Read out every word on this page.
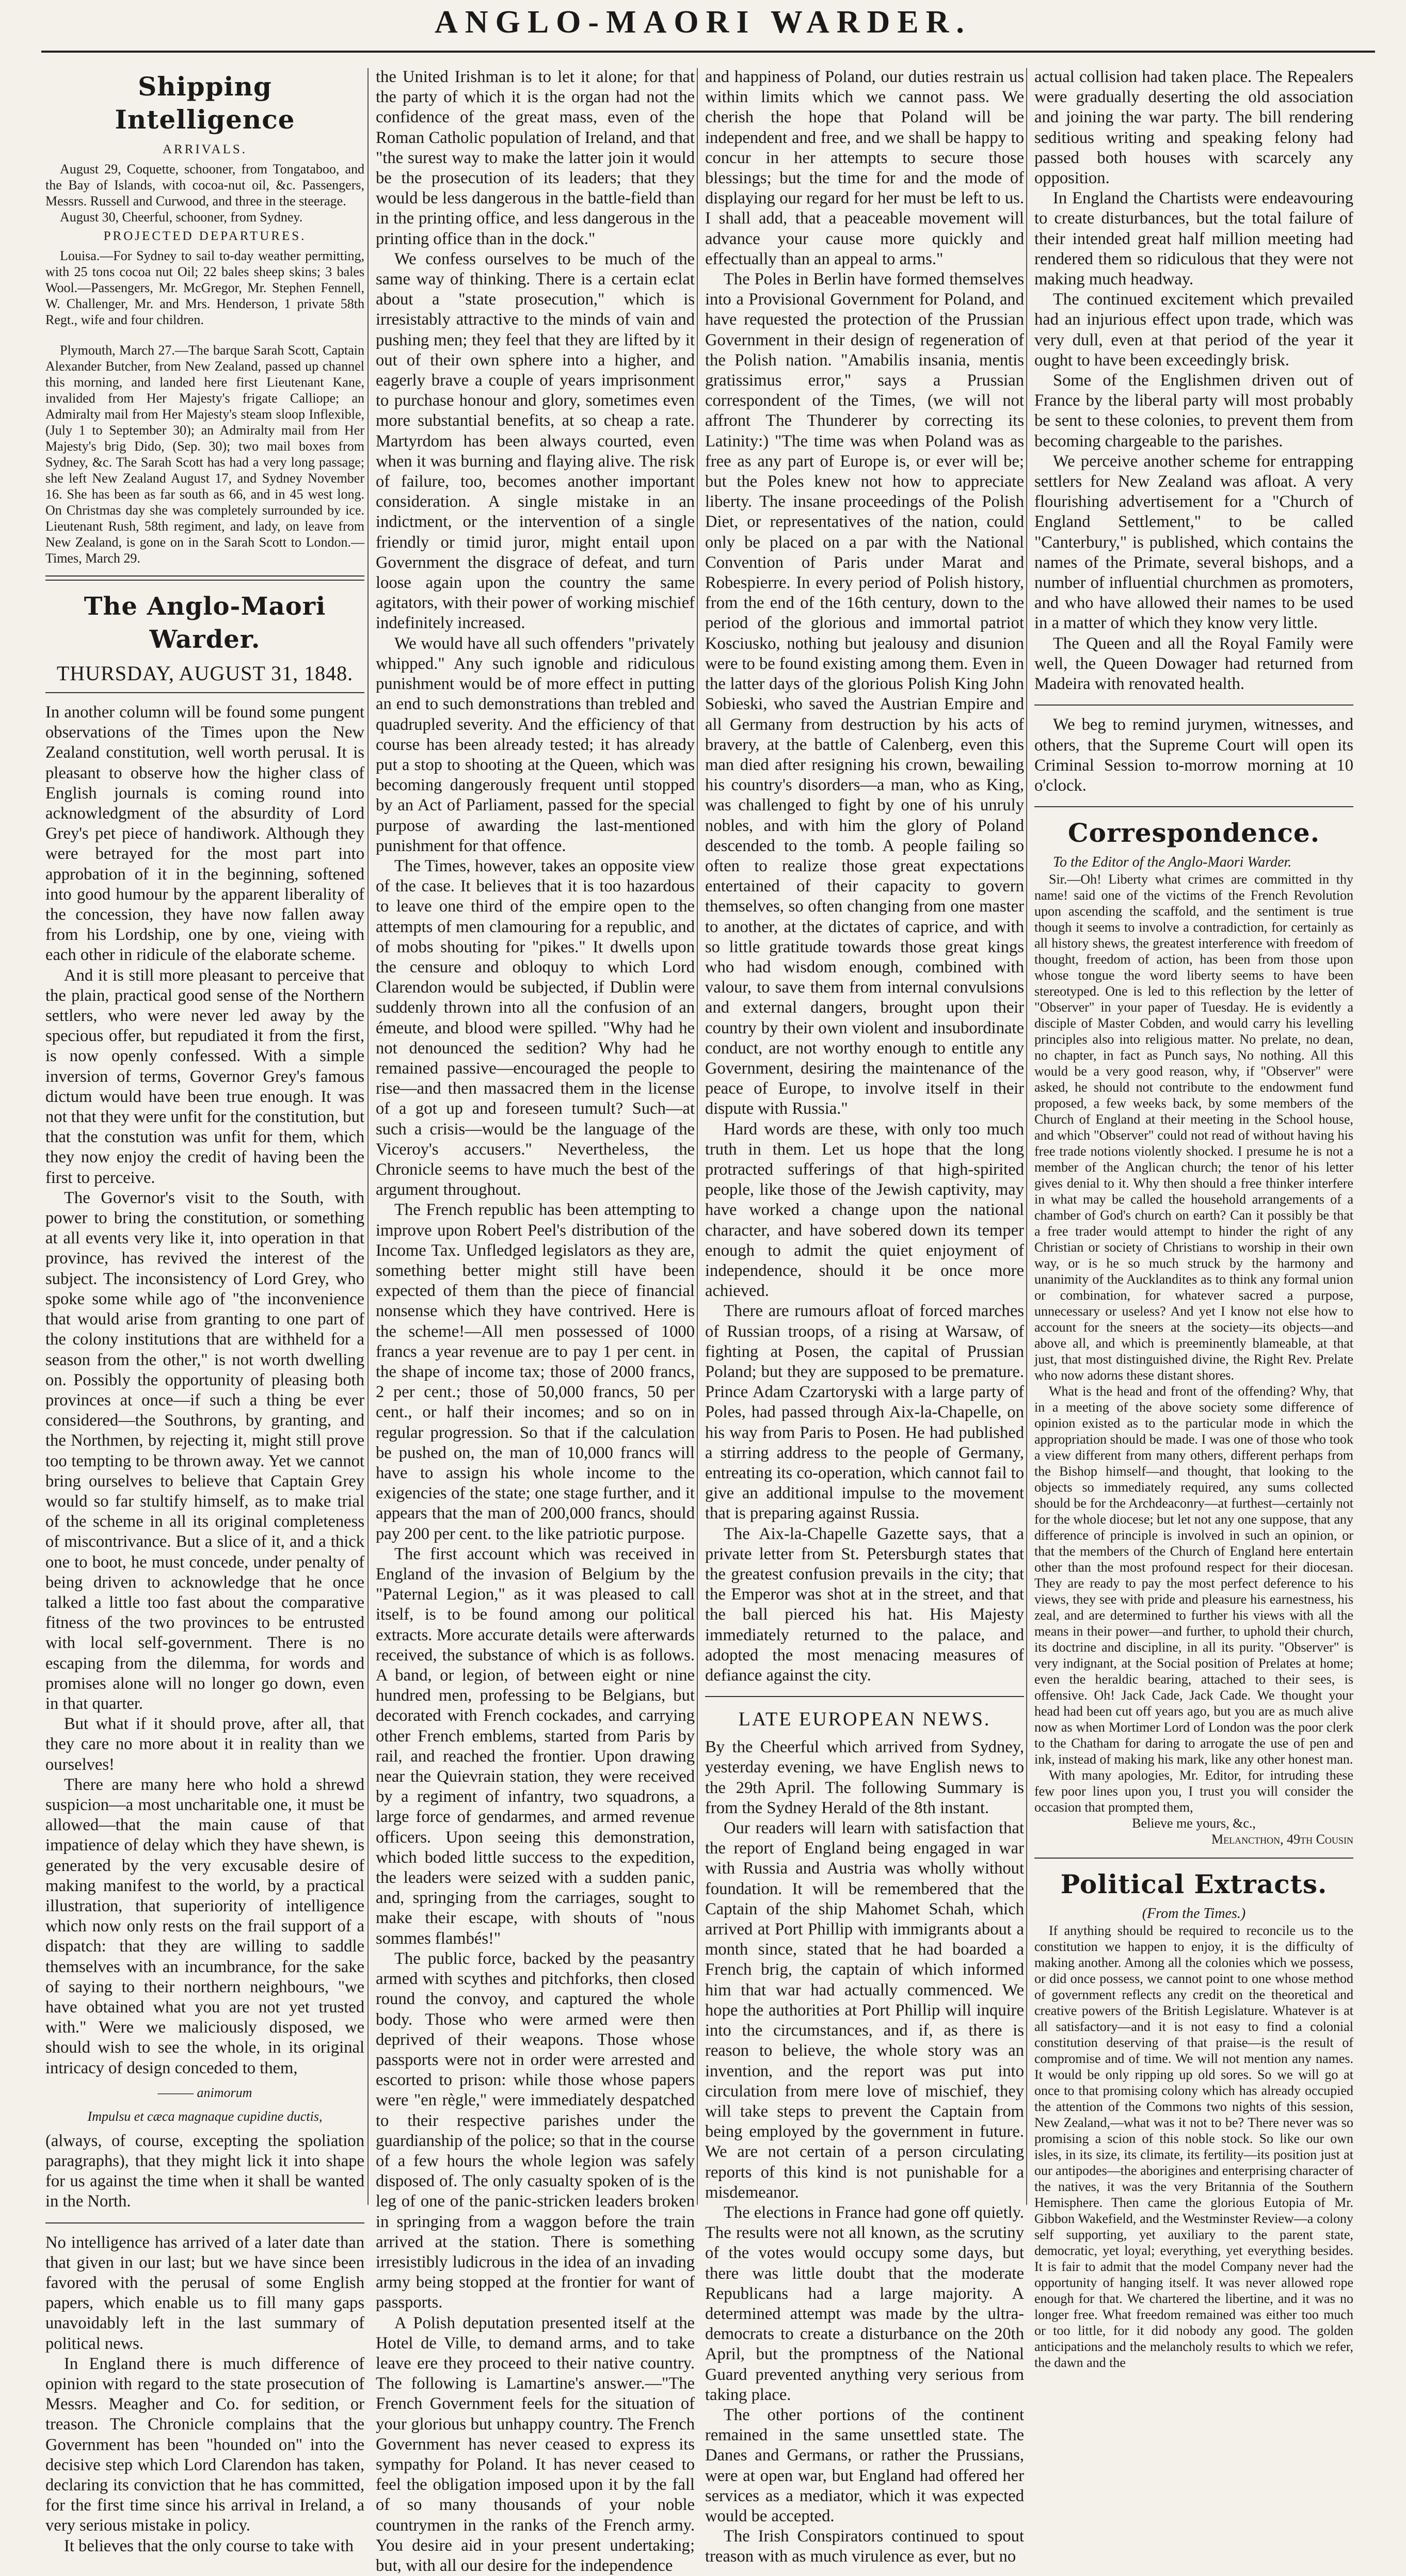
ANGLO-MAORI WARDER.
Shipping Intelligence
ARRIVALS.

August 29, Coquette, schooner, from Tongataboo, and the Bay of Islands, with cocoa-nut oil, &c. Passengers, Messrs. Russell and Curwood, and three in the steerage.

August 30, Cheerful, schooner, from Sydney.

PROJECTED DEPARTURES.

Louisa.—For Sydney to sail to-day weather permitting, with 25 tons cocoa nut Oil; 22 bales sheep skins; 3 bales Wool.—Passengers, Mr. McGregor, Mr. Stephen Fennell, W. Challenger, Mr. and Mrs. Henderson, 1 private 58th Regt., wife and four children.

Plymouth, March 27.—The barque Sarah Scott, Captain Alexander Butcher, from New Zealand, passed up channel this morning, and landed here first Lieutenant Kane, invalided from Her Majesty's frigate Calliope; an Admiralty mail from Her Majesty's steam sloop Inflexible, (July 1 to September 30); an Admiralty mail from Her Majesty's brig Dido, (Sep. 30); two mail boxes from Sydney, &c. The Sarah Scott has had a very long passage; she left New Zealand August 17, and Sydney November 16. She has been as far south as 66, and in 45 west long. On Christmas day she was completely surrounded by ice. Lieutenant Rush, 58th regiment, and lady, on leave from New Zealand, is gone on in the Sarah Scott to London.—Times, March 29.

The Anglo-Maori Warder.
THURSDAY, AUGUST 31, 1848.

In another column will be found some pungent observations of the Times upon the New Zealand constitution, well worth perusal. It is pleasant to observe how the higher class of English journals is coming round into acknowledgment of the absurdity of Lord Grey's pet piece of handiwork. Although they were betrayed for the most part into approbation of it in the beginning, softened into good humour by the apparent liberality of the concession, they have now fallen away from his Lordship, one by one, vieing with each other in ridicule of the elaborate scheme.

And it is still more pleasant to perceive that the plain, practical good sense of the Northern settlers, who were never led away by the specious offer, but repudiated it from the first, is now openly confessed. With a simple inversion of terms, Governor Grey's famous dictum would have been true enough. It was not that they were unfit for the constitution, but that the constution was unfit for them, which they now enjoy the credit of having been the first to perceive.

The Governor's visit to the South, with power to bring the constitution, or something at all events very like it, into operation in that province, has revived the interest of the subject. The inconsistency of Lord Grey, who spoke some while ago of "the inconvenience that would arise from granting to one part of the colony institutions that are withheld for a season from the other," is not worth dwelling on. Possibly the opportunity of pleasing both provinces at once—if such a thing be ever considered—the Southrons, by granting, and the Northmen, by rejecting it, might still prove too tempting to be thrown away. Yet we cannot bring ourselves to believe that Captain Grey would so far stultify himself, as to make trial of the scheme in all its original completeness of miscontrivance. But a slice of it, and a thick one to boot, he must concede, under penalty of being driven to acknowledge that he once talked a little too fast about the comparative fitness of the two provinces to be entrusted with local self-government. There is no escaping from the dilemma, for words and promises alone will no longer go down, even in that quarter.

But what if it should prove, after all, that they care no more about it in reality than we ourselves!

There are many here who hold a shrewd suspicion—a most uncharitable one, it must be allowed—that the main cause of that impatience of delay which they have shewn, is generated by the very excusable desire of making manifest to the world, by a practical illustration, that superiority of intelligence which now only rests on the frail support of a dispatch: that they are willing to saddle themselves with an incumbrance, for the sake of saying to their northern neighbours, "we have obtained what you are not yet trusted with." Were we maliciously disposed, we should wish to see the whole, in its original intricacy of design conceded to them,

——— animorum
Impulsu et cæca magnaque cupidine ductis,

(always, of course, excepting the spoliation paragraphs), that they might lick it into shape for us against the time when it shall be wanted in the North.

No intelligence has arrived of a later date than that given in our last; but we have since been favored with the perusal of some English papers, which enable us to fill many gaps unavoidably left in the last summary of political news.

In England there is much difference of opinion with regard to the state prosecution of Messrs. Meagher and Co. for sedition, or treason. The Chronicle complains that the Government has been "hounded on" into the decisive step which Lord Clarendon has taken, declaring its conviction that he has committed, for the first time since his arrival in Ireland, a very serious mistake in policy.

It believes that the only course to take with

the United Irishman is to let it alone; for that the party of which it is the organ had not the confidence of the great mass, even of the Roman Catholic population of Ireland, and that "the surest way to make the latter join it would be the prosecution of its leaders; that they would be less dangerous in the battle-field than in the printing office, and less dangerous in the printing office than in the dock."

We confess ourselves to be much of the same way of thinking. There is a certain eclat about a "state prosecution," which is irresistably attractive to the minds of vain and pushing men; they feel that they are lifted by it out of their own sphere into a higher, and eagerly brave a couple of years imprisonment to purchase honour and glory, sometimes even more substantial benefits, at so cheap a rate. Martyrdom has been always courted, even when it was burning and flaying alive. The risk of failure, too, becomes another important consideration. A single mistake in an indictment, or the intervention of a single friendly or timid juror, might entail upon Government the disgrace of defeat, and turn loose again upon the country the same agitators, with their power of working mischief indefinitely increased.

We would have all such offenders "privately whipped." Any such ignoble and ridiculous punishment would be of more effect in putting an end to such demonstrations than trebled and quadrupled severity. And the efficiency of that course has been already tested; it has already put a stop to shooting at the Queen, which was becoming dangerously frequent until stopped by an Act of Parliament, passed for the special purpose of awarding the last-mentioned punishment for that offence.

The Times, however, takes an opposite view of the case. It believes that it is too hazardous to leave one third of the empire open to the attempts of men clamouring for a republic, and of mobs shouting for "pikes." It dwells upon the censure and obloquy to which Lord Clarendon would be subjected, if Dublin were suddenly thrown into all the confusion of an émeute, and blood were spilled. "Why had he not denounced the sedition? Why had he remained passive—encouraged the people to rise—and then massacred them in the license of a got up and foreseen tumult? Such—at such a crisis—would be the language of the Viceroy's accusers." Nevertheless, the Chronicle seems to have much the best of the argument throughout.

The French republic has been attempting to improve upon Robert Peel's distribution of the Income Tax. Unfledged legislators as they are, something better might still have been expected of them than the piece of financial nonsense which they have contrived. Here is the scheme!—All men possessed of 1000 francs a year revenue are to pay 1 per cent. in the shape of income tax; those of 2000 francs, 2 per cent.; those of 50,000 francs, 50 per cent., or half their incomes; and so on in regular progression. So that if the calculation be pushed on, the man of 10,000 francs will have to assign his whole income to the exigencies of the state; one stage further, and it appears that the man of 200,000 francs, should pay 200 per cent. to the like patriotic purpose.

The first account which was received in England of the invasion of Belgium by the "Paternal Legion," as it was pleased to call itself, is to be found among our political extracts. More accurate details were afterwards received, the substance of which is as follows. A band, or legion, of between eight or nine hundred men, professing to be Belgians, but decorated with French cockades, and carrying other French emblems, started from Paris by rail, and reached the frontier. Upon drawing near the Quievrain station, they were received by a regiment of infantry, two squadrons, a large force of gendarmes, and armed revenue officers. Upon seeing this demonstration, which boded little success to the expedition, the leaders were seized with a sudden panic, and, springing from the carriages, sought to make their escape, with shouts of "nous sommes flambés!"

The public force, backed by the peasantry armed with scythes and pitchforks, then closed round the convoy, and captured the whole body. Those who were armed were then deprived of their weapons. Those whose passports were not in order were arrested and escorted to prison: while those whose papers were "en règle," were immediately despatched to their respective parishes under the guardianship of the police; so that in the course of a few hours the whole legion was safely disposed of. The only casualty spoken of is the leg of one of the panic-stricken leaders broken in springing from a waggon before the train arrived at the station. There is something irresistibly ludicrous in the idea of an invading army being stopped at the frontier for want of passports.

A Polish deputation presented itself at the Hotel de Ville, to demand arms, and to take leave ere they proceed to their native country. The following is Lamartine's answer.—"The French Government feels for the situation of your glorious but unhappy country. The French Government has never ceased to express its sympathy for Poland. It has never ceased to feel the obligation imposed upon it by the fall of so many thousands of your noble countrymen in the ranks of the French army. You desire aid in your present undertaking; but, with all our desire for the independence

and happiness of Poland, our duties restrain us within limits which we cannot pass. We cherish the hope that Poland will be independent and free, and we shall be happy to concur in her attempts to secure those blessings; but the time for and the mode of displaying our regard for her must be left to us. I shall add, that a peaceable movement will advance your cause more quickly and effectually than an appeal to arms."

The Poles in Berlin have formed themselves into a Provisional Government for Poland, and have requested the protection of the Prussian Government in their design of regeneration of the Polish nation. "Amabilis insania, mentis gratissimus error," says a Prussian correspondent of the Times, (we will not affront The Thunderer by correcting its Latinity:) "The time was when Poland was as free as any part of Europe is, or ever will be; but the Poles knew not how to appreciate liberty. The insane proceedings of the Polish Diet, or representatives of the nation, could only be placed on a par with the National Convention of Paris under Marat and Robespierre. In every period of Polish history, from the end of the 16th century, down to the period of the glorious and immortal patriot Kosciusko, nothing but jealousy and disunion were to be found existing among them. Even in the latter days of the glorious Polish King John Sobieski, who saved the Austrian Empire and all Germany from destruction by his acts of bravery, at the battle of Calenberg, even this man died after resigning his crown, bewailing his country's disorders—a man, who as King, was challenged to fight by one of his unruly nobles, and with him the glory of Poland descended to the tomb. A people failing so often to realize those great expectations entertained of their capacity to govern themselves, so often changing from one master to another, at the dictates of caprice, and with so little gratitude towards those great kings who had wisdom enough, combined with valour, to save them from internal convulsions and external dangers, brought upon their country by their own violent and insubordinate conduct, are not worthy enough to entitle any Government, desiring the maintenance of the peace of Europe, to involve itself in their dispute with Russia."

Hard words are these, with only too much truth in them. Let us hope that the long protracted sufferings of that high-spirited people, like those of the Jewish captivity, may have worked a change upon the national character, and have sobered down its temper enough to admit the quiet enjoyment of independence, should it be once more achieved.

There are rumours afloat of forced marches of Russian troops, of a rising at Warsaw, of fighting at Posen, the capital of Prussian Poland; but they are supposed to be premature. Prince Adam Czartoryski with a large party of Poles, had passed through Aix-la-Chapelle, on his way from Paris to Posen. He had published a stirring address to the people of Germany, entreating its co-operation, which cannot fail to give an additional impulse to the movement that is preparing against Russia.

The Aix-la-Chapelle Gazette says, that a private letter from St. Petersburgh states that the greatest confusion prevails in the city; that the Emperor was shot at in the street, and that the ball pierced his hat. His Majesty immediately returned to the palace, and adopted the most menacing measures of defiance against the city.

LATE EUROPEAN NEWS.

By the Cheerful which arrived from Sydney, yesterday evening, we have English news to the 29th April. The following Summary is from the Sydney Herald of the 8th instant.

Our readers will learn with satisfaction that the report of England being engaged in war with Russia and Austria was wholly without foundation. It will be remembered that the Captain of the ship Mahomet Schah, which arrived at Port Phillip with immigrants about a month since, stated that he had boarded a French brig, the captain of which informed him that war had actually commenced. We hope the authorities at Port Phillip will inquire into the circumstances, and if, as there is reason to believe, the whole story was an invention, and the report was put into circulation from mere love of mischief, they will take steps to prevent the Captain from being employed by the government in future. We are not certain of a person circulating reports of this kind is not punishable for a misdemeanor.

The elections in France had gone off quietly. The results were not all known, as the scrutiny of the votes would occupy some days, but there was little doubt that the moderate Republicans had a large majority. A determined attempt was made by the ultra-democrats to create a disturbance on the 20th April, but the promptness of the National Guard prevented anything very serious from taking place.

The other portions of the continent remained in the same unsettled state. The Danes and Germans, or rather the Prussians, were at open war, but England had offered her services as a mediator, which it was expected would be accepted.

The Irish Conspirators continued to spout treason with as much virulence as ever, but no

actual collision had taken place. The Repealers were gradually deserting the old association and joining the war party. The bill rendering seditious writing and speaking felony had passed both houses with scarcely any opposition.

In England the Chartists were endeavouring to create disturbances, but the total failure of their intended great half million meeting had rendered them so ridiculous that they were not making much headway.

The continued excitement which prevailed had an injurious effect upon trade, which was very dull, even at that period of the year it ought to have been exceedingly brisk.

Some of the Englishmen driven out of France by the liberal party will most probably be sent to these colonies, to prevent them from becoming chargeable to the parishes.

We perceive another scheme for entrapping settlers for New Zealand was afloat. A very flourishing advertisement for a "Church of England Settlement," to be called "Canterbury," is published, which contains the names of the Primate, several bishops, and a number of influential churchmen as promoters, and who have allowed their names to be used in a matter of which they know very little.

The Queen and all the Royal Family were well, the Queen Dowager had returned from Madeira with renovated health.

We beg to remind jurymen, witnesses, and others, that the Supreme Court will open its Criminal Session to-morrow morning at 10 o'clock.

Correspondence.

To the Editor of the Anglo-Maori Warder.

Sir.—Oh! Liberty what crimes are committed in thy name! said one of the victims of the French Revolution upon ascending the scaffold, and the sentiment is true though it seems to involve a contradiction, for certainly as all history shews, the greatest interference with freedom of thought, freedom of action, has been from those upon whose tongue the word liberty seems to have been stereotyped. One is led to this reflection by the letter of "Observer" in your paper of Tuesday. He is evidently a disciple of Master Cobden, and would carry his levelling principles also into religious matter. No prelate, no dean, no chapter, in fact as Punch says, No nothing. All this would be a very good reason, why, if "Observer" were asked, he should not contribute to the endowment fund proposed, a few weeks back, by some members of the Church of England at their meeting in the School house, and which "Observer" could not read of without having his free trade notions violently shocked. I presume he is not a member of the Anglican church; the tenor of his letter gives denial to it. Why then should a free thinker interfere in what may be called the household arrangements of a chamber of God's church on earth? Can it possibly be that a free trader would attempt to hinder the right of any Christian or society of Christians to worship in their own way, or is he so much struck by the harmony and unanimity of the Aucklandites as to think any formal union or combination, for whatever sacred a purpose, unnecessary or useless? And yet I know not else how to account for the sneers at the society—its objects—and above all, and which is preeminently blameable, at that just, that most distinguished divine, the Right Rev. Prelate who now adorns these distant shores.

What is the head and front of the offending? Why, that in a meeting of the above society some difference of opinion existed as to the particular mode in which the appropriation should be made. I was one of those who took a view different from many others, different perhaps from the Bishop himself—and thought, that looking to the objects so immediately required, any sums collected should be for the Archdeaconry—at furthest—certainly not for the whole diocese; but let not any one suppose, that any difference of principle is involved in such an opinion, or that the members of the Church of England here entertain other than the most profound respect for their diocesan. They are ready to pay the most perfect deference to his views, they see with pride and pleasure his earnestness, his zeal, and are determined to further his views with all the means in their power—and further, to uphold their church, its doctrine and discipline, in all its purity. "Observer" is very indignant, at the Social position of Prelates at home; even the heraldic bearing, attached to their sees, is offensive. Oh! Jack Cade, Jack Cade. We thought your head had been cut off years ago, but you are as much alive now as when Mortimer Lord of London was the poor clerk to the Chatham for daring to arrogate the use of pen and ink, instead of making his mark, like any other honest man.

With many apologies, Mr. Editor, for intruding these few poor lines upon you, I trust you will consider the occasion that prompted them,

Believe me yours, &c.,

Melancthon, 49th Cousin

Political Extracts.

(From the Times.)

If anything should be required to reconcile us to the constitution we happen to enjoy, it is the difficulty of making another. Among all the colonies which we possess, or did once possess, we cannot point to one whose method of government reflects any credit on the theoretical and creative powers of the British Legislature. Whatever is at all satisfactory—and it is not easy to find a colonial constitution deserving of that praise—is the result of compromise and of time. We will not mention any names. It would be only ripping up old sores. So we will go at once to that promising colony which has already occupied the attention of the Commons two nights of this session, New Zealand,—what was it not to be? There never was so promising a scion of this noble stock. So like our own isles, in its size, its climate, its fertility—its position just at our antipodes—the aborigines and enterprising character of the natives, it was the very Britannia of the Southern Hemisphere. Then came the glorious Eutopia of Mr. Gibbon Wakefield, and the Westminster Review—a colony self supporting, yet auxiliary to the parent state, democratic, yet loyal; everything, yet everything besides. It is fair to admit that the model Company never had the opportunity of hanging itself. It was never allowed rope enough for that. We chartered the libertine, and it was no longer free. What freedom remained was either too much or too little, for it did nobody any good. The golden anticipations and the melancholy results to which we refer, the dawn and the
